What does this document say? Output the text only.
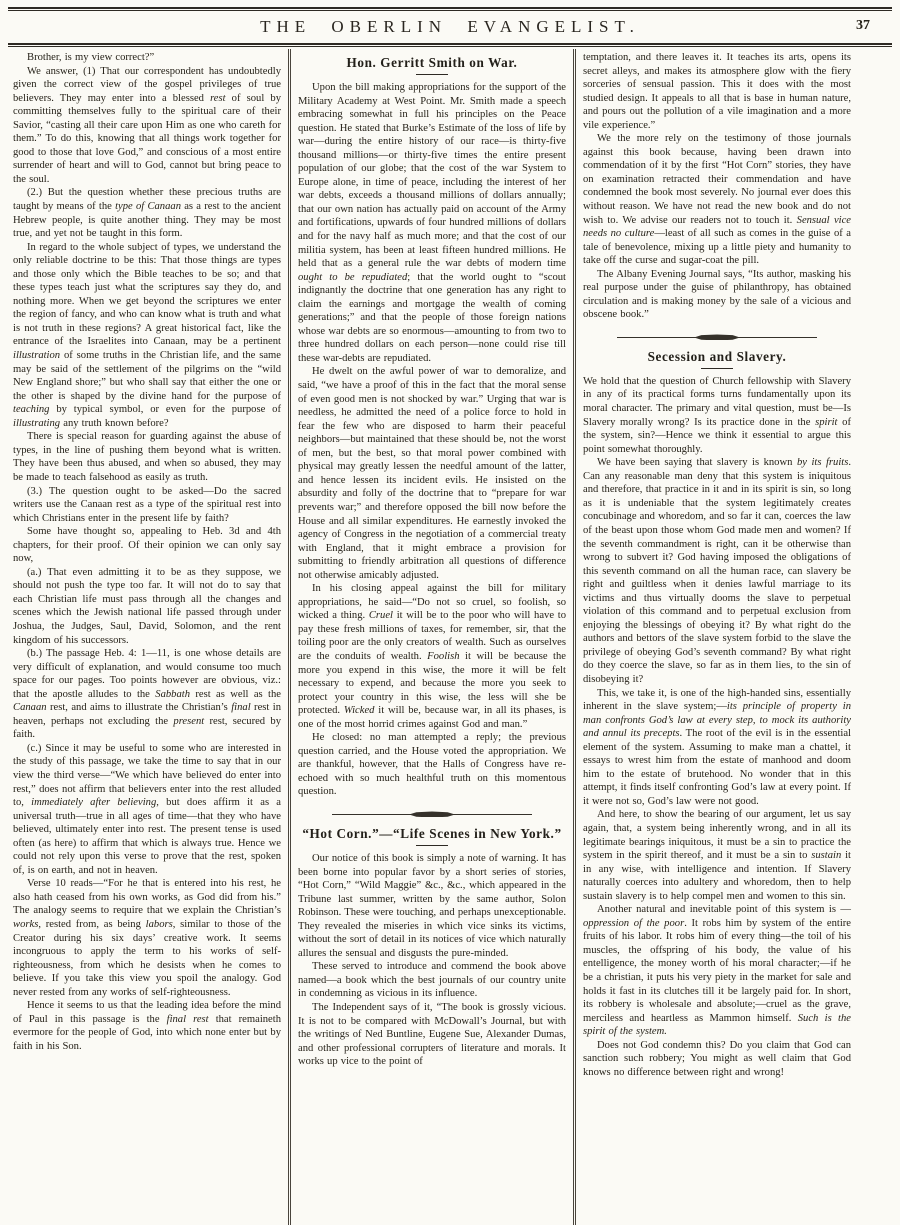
THE OBERLIN EVANGELIST.	37

Brother, is my view correct?”

We answer, (1) That our correspondent has undoubtedly given the correct view of the gospel privileges of true believers. They may enter into a blessed rest of soul by committing themselves fully to the spiritual care of their Savior, “casting all their care upon Him as one who careth for them.” To do this, knowing that all things work together for good to those that love God,” and conscious of a most entire surrender of heart and will to God, cannot but bring peace to the soul.

(2.) But the question whether these precious truths are taught by means of the type of Canaan as a rest to the ancient Hebrew people, is quite another thing. They may be most true, and yet not be taught in this form.

In regard to the whole subject of types, we understand the only reliable doctrine to be this: That those things are types and those only which the Bible teaches to be so; and that these types teach just what the scriptures say they do, and nothing more. When we get beyond the scriptures we enter the region of fancy, and who can know what is truth and what is not truth in these regions? A great historical fact, like the entrance of the Israelites into Canaan, may be a pertinent illustration of some truths in the Christian life, and the same may be said of the settlement of the pilgrims on the “wild New England shore;” but who shall say that either the one or the other is shaped by the divine hand for the purpose of teaching by typical symbol, or even for the purpose of illustrating any truth known before?

There is special reason for guarding against the abuse of types, in the line of pushing them beyond what is written. They have been thus abused, and when so abused, they may be made to teach falsehood as easily as truth.

(3.) The question ought to be asked—Do the sacred writers use the Canaan rest as a type of the spiritual rest into which Christians enter in the present life by faith?

Some have thought so, appealing to Heb. 3d and 4th chapters, for their proof. Of their opinion we can only say now,

(a.) That even admitting it to be as they suppose, we should not push the type too far. It will not do to say that each Christian life must pass through all the changes and scenes which the Jewish national life passed through under Joshua, the Judges, Saul, David, Solomon, and the rent kingdom of his successors.

(b.) The passage Heb. 4: 1—11, is one whose details are very difficult of explanation, and would consume too much space for our pages. Too points however are obvious, viz.: that the apostle alludes to the Sabbath rest as well as the Canaan rest, and aims to illustrate the Christian’s final rest in heaven, perhaps not excluding the present rest, secured by faith.

(c.) Since it may be useful to some who are interested in the study of this passage, we take the time to say that in our view the third verse—“We which have believed do enter into rest,” does not affirm that believers enter into the rest alluded to, immediately after believing, but does affirm it as a universal truth—true in all ages of time—that they who have believed, ultimately enter into rest. The present tense is used often (as here) to affirm that which is always true. Hence we could not rely upon this verse to prove that the rest, spoken of, is on earth, and not in heaven.

Verse 10 reads—“For he that is entered into his rest, he also hath ceased from his own works, as God did from his.” The analogy seems to require that we explain the Christian’s works, rested from, as being labors, similar to those of the Creator during his six days’ creative work. It seems incongruous to apply the term to his works of self-righteousness, from which he desists when he comes to believe. If you take this view you spoil the analogy. God never rested from any works of self-righteousness.

Hence it seems to us that the leading idea before the mind of Paul in this passage is the final rest that remaineth evermore for the people of God, into which none enter but by faith in his Son.

Hon. Gerritt Smith on War.

Upon the bill making appropriations for the support of the Military Academy at West Point. Mr. Smith made a speech embracing somewhat in full his principles on the Peace question. He stated that Burke’s Estimate of the loss of life by war—during the entire history of our race—is thirty-five thousand millions—or thirty-five times the entire present population of our globe; that the cost of the war System to Europe alone, in time of peace, including the interest of her war debts, exceeds a thousand millions of dollars annually; that our own nation has actually paid on account of the Army and fortifications, upwards of four hundred millions of dollars and for the navy half as much more; and that the cost of our militia system, has been at least fifteen hundred millions. He held that as a general rule the war debts of modern time ought to be repudiated; that the world ought to “scout indignantly the doctrine that one generation has any right to claim the earnings and mortgage the wealth of coming generations;” and that the people of those foreign nations whose war debts are so enormous—amounting to from two to three hundred dollars on each person—none could rise till these war-debts are repudiated.

He dwelt on the awful power of war to demoralize, and said, “we have a proof of this in the fact that the moral sense of even good men is not shocked by war.” Urging that war is needless, he admitted the need of a police force to hold in fear the few who are disposed to harm their peaceful neighbors—but maintained that these should be, not the worst of men, but the best, so that moral power combined with physical may greatly lessen the needful amount of the latter, and hence lessen its incident evils. He insisted on the absurdity and folly of the doctrine that to “prepare for war prevents war;” and therefore opposed the bill now before the House and all similar expenditures. He earnestly invoked the agency of Congress in the negotiation of a commercial treaty with England, that it might embrace a provision for submitting to friendly arbitration all questions of difference not otherwise amicably adjusted.

In his closing appeal against the bill for military appropriations, he said—“Do not so cruel, so foolish, so wicked a thing. Cruel it will be to the poor who will have to pay these fresh millions of taxes, for remember, sir, that the toiling poor are the only creators of wealth. Such as ourselves are the conduits of wealth. Foolish it will be because the more you expend in this wise, the more it will be felt necessary to expend, and because the more you seek to protect your country in this wise, the less will she be protected. Wicked it will be, because war, in all its phases, is one of the most horrid crimes against God and man.”

He closed: no man attempted a reply; the previous question carried, and the House voted the appropriation. We are thankful, however, that the Halls of Congress have re-echoed with so much healthful truth on this momentous question.

“Hot Corn.”—“Life Scenes in New York.”

Our notice of this book is simply a note of warning. It has been borne into popular favor by a short series of stories, “Hot Corn,” “Wild Maggie” &c., &c., which appeared in the Tribune last summer, written by the same author, Solon Robinson. These were touching, and perhaps unexceptionable. They revealed the miseries in which vice sinks its victims, without the sort of detail in its notices of vice which naturally allures the sensual and disgusts the pure-minded.

These served to introduce and commend the book above named—a book which the best journals of our country unite in condemning as vicious in its influence.

The Independent says of it, “The book is grossly vicious. It is not to be compared with McDowall’s Journal, but with the writings of Ned Buntline, Eugene Sue, Alexander Dumas, and other professional corrupters of literature and morals. It works up vice to the point of

temptation, and there leaves it. It teaches its arts, opens its secret alleys, and makes its atmosphere glow with the fiery sorceries of sensual passion. This it does with the most studied design. It appeals to all that is base in human nature, and pours out the pollution of a vile imagination and a more vile experience.”

We the more rely on the testimony of those journals against this book because, having been drawn into commendation of it by the first “Hot Corn” stories, they have on examination retracted their commendation and have condemned the book most severely. No journal ever does this without reason. We have not read the new book and do not wish to. We advise our readers not to touch it. Sensual vice needs no culture—least of all such as comes in the guise of a tale of benevolence, mixing up a little piety and humanity to take off the curse and sugar-coat the pill.

The Albany Evening Journal says, “Its author, masking his real purpose under the guise of philanthropy, has obtained circulation and is making money by the sale of a vicious and obscene book.”

Secession and Slavery.

We hold that the question of Church fellowship with Slavery in any of its practical forms turns fundamentally upon its moral character. The primary and vital question, must be—Is Slavery morally wrong? Is its practice done in the spirit of the system, sin?—Hence we think it essential to argue this point somewhat thoroughly.

We have been saying that slavery is known by its fruits. Can any reasonable man deny that this system is iniquitous and therefore, that practice in it and in its spirit is sin, so long as it is undeniable that the system legitimately creates concubinage and whoredom, and so far it can, coerces the law of the beast upon those whom God made men and women? If the seventh commandment is right, can it be otherwise than wrong to subvert it? God having imposed the obligations of this seventh command on all the human race, can slavery be right and guiltless when it denies lawful marriage to its victims and thus virtually dooms the slave to perpetual violation of this command and to perpetual exclusion from enjoying the blessings of obeying it? By what right do the authors and bettors of the slave system forbid to the slave the privilege of obeying God’s seventh command? By what right do they coerce the slave, so far as in them lies, to the sin of disobeying it?

This, we take it, is one of the high-handed sins, essentially inherent in the slave system;—its principle of property in man confronts God’s law at every step, to mock its authority and annul its precepts. The root of the evil is in the essential element of the system. Assuming to make man a chattel, it essays to wrest him from the estate of manhood and doom him to the estate of brutehood. No wonder that in this attempt, it finds itself confronting God’s law at every point. If it were not so, God’s law were not good.

And here, to show the bearing of our argument, let us say again, that, a system being inherently wrong, and in all its legitimate bearings iniquitous, it must be a sin to practice the system in the spirit thereof, and it must be a sin to sustain it in any wise, with intelligence and intention. If Slavery naturally coerces into adultery and whoredom, then to help sustain slavery is to help compel men and women to this sin.

Another natural and inevitable point of this system is —oppression of the poor. It robs him by system of the entire fruits of his labor. It robs him of every thing—the toil of his muscles, the offspring of his body, the value of his entelligence, the money worth of his moral character;—if he be a christian, it puts his very piety in the market for sale and holds it fast in its clutches till it be largely paid for. In short, its robbery is wholesale and absolute;—cruel as the grave, merciless and heartless as Mammon himself. Such is the spirit of the system.

Does not God condemn this? Do you claim that God can sanction such robbery; You might as well claim that God knows no difference between right and wrong!
